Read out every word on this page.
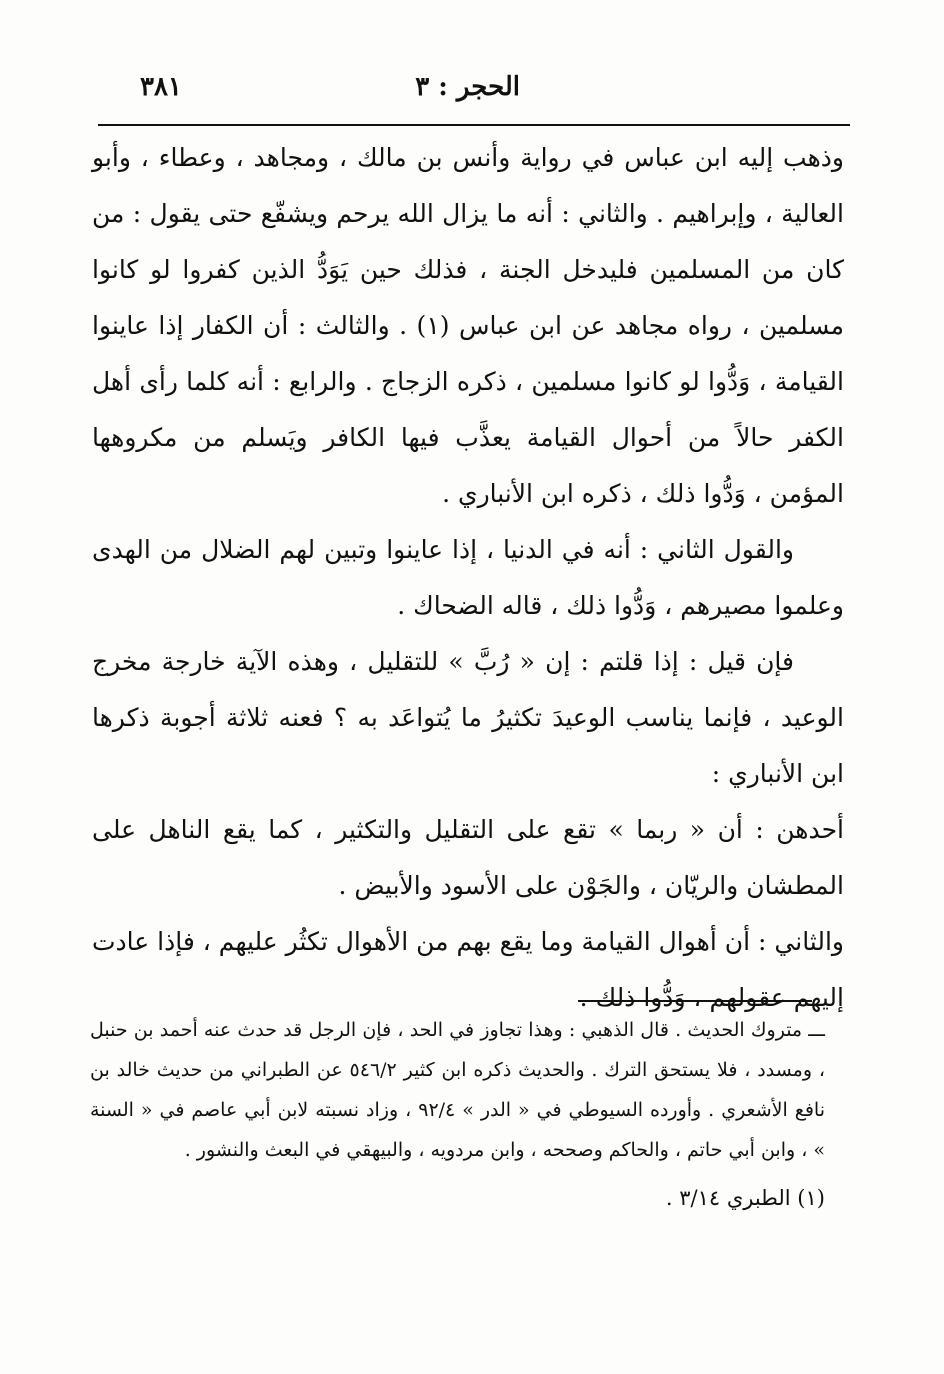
الحجر : ٣
٣٨١

وذهب إليه ابن عباس في رواية وأنس بن مالك ، ومجاهد ، وعطاء ، وأبو العالية ، وإبراهيم . والثاني : أنه ما يزال الله يرحم ويشفّع حتى يقول : من كان من المسلمين فليدخل الجنة ، فذلك حين يَوَدُّ الذين كفروا لو كانوا مسلمين ، رواه مجاهد عن ابن عباس (١) . والثالث : أن الكفار إذا عاينوا القيامة ، وَدُّوا لو كانوا مسلمين ، ذكره الزجاج . والرابع : أنه كلما رأى أهل الكفر حالاً من أحوال القيامة يعذَّب فيها الكافر ويَسلم من مكروهها المؤمن ، وَدُّوا ذلك ، ذكره ابن الأنباري .

والقول الثاني : أنه في الدنيا ، إذا عاينوا وتبين لهم الضلال من الهدى وعلموا مصيرهم ، وَدُّوا ذلك ، قاله الضحاك .

فإن قيل : إذا قلتم : إن « رُبَّ » للتقليل ، وهذه الآية خارجة مخرج الوعيد ، فإنما يناسب الوعيدَ تكثيرُ ما يُتواعَد به ؟ فعنه ثلاثة أجوبة ذكرها ابن الأنباري :

أحدهن : أن « ربما » تقع على التقليل والتكثير ، كما يقع الناهل على المطشان والريّان ، والجَوْن على الأسود والأبيض .

والثاني : أن أهوال القيامة وما يقع بهم من الأهوال تكثُر عليهم ، فإذا عادت إليهم عقولهم ، وَدُّوا ذلك .

ـــ متروك الحديث . قال الذهبي : وهذا تجاوز في الحد ، فإن الرجل قد حدث عنه أحمد بن حنبل ، ومسدد ، فلا يستحق الترك . والحديث ذكره ابن كثير ٥٤٦/٢ عن الطبراني من حديث خالد بن نافع الأشعري . وأورده السيوطي في « الدر » ٩٢/٤ ، وزاد نسبته لابن أبي عاصم في « السنة » ، وابن أبي حاتم ، والحاكم وصححه ، وابن مردويه ، والبيهقي في البعث والنشور .

(١) الطبري ٣/١٤ .
